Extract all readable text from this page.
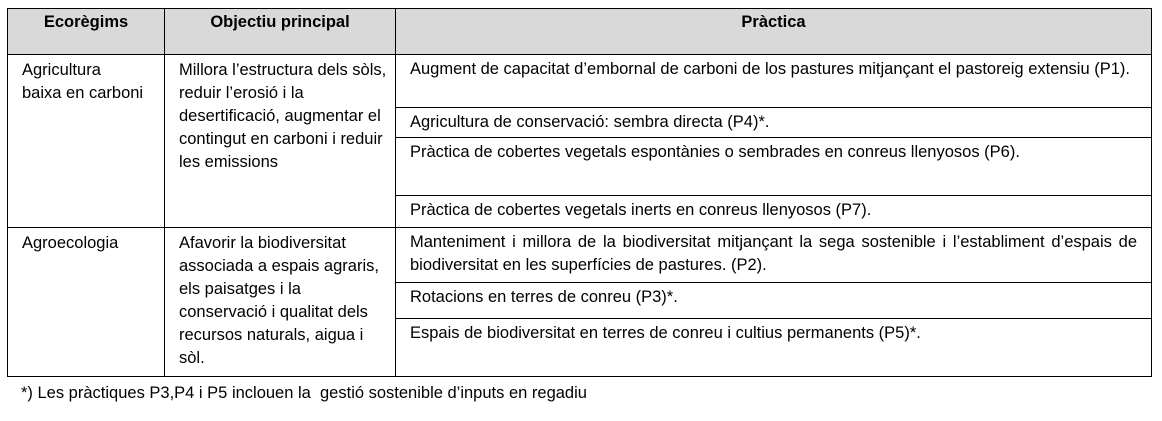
Ecorègims	Objectiu principal	Pràctica
Agricultura baixa en carboni	Millora l’estructura dels sòls, reduir l’erosió i la desertificació, augmentar el contingut en carboni i reduir les emissions	
Augment de capacitat d’embornal de carboni de los pastures mitjançant el pastoreig extensiu (P1).
Agricultura de conservació: sembra directa (P4)*.
Pràctica de cobertes vegetals espontànies o sembrades en conreus llenyosos (P6).
Pràctica de cobertes vegetals inerts en conreus llenyosos (P7).

Agroecologia	Afavorir la biodiversitat associada a espais agraris, els paisatges i la conservació i qualitat dels recursos naturals, aigua i sòl.	
Manteniment i millora de la biodiversitat mitjançant la sega sostenible i l’establiment d’espais de biodiversitat en les superfícies de pastures. (P2).
Rotacions en terres de conreu (P3)*.
Espais de biodiversitat en terres de conreu i cultius permanents (P5)*.
*) Les pràctiques P3,P4 i P5 inclouen la  gestió sostenible d’inputs en regadiu
